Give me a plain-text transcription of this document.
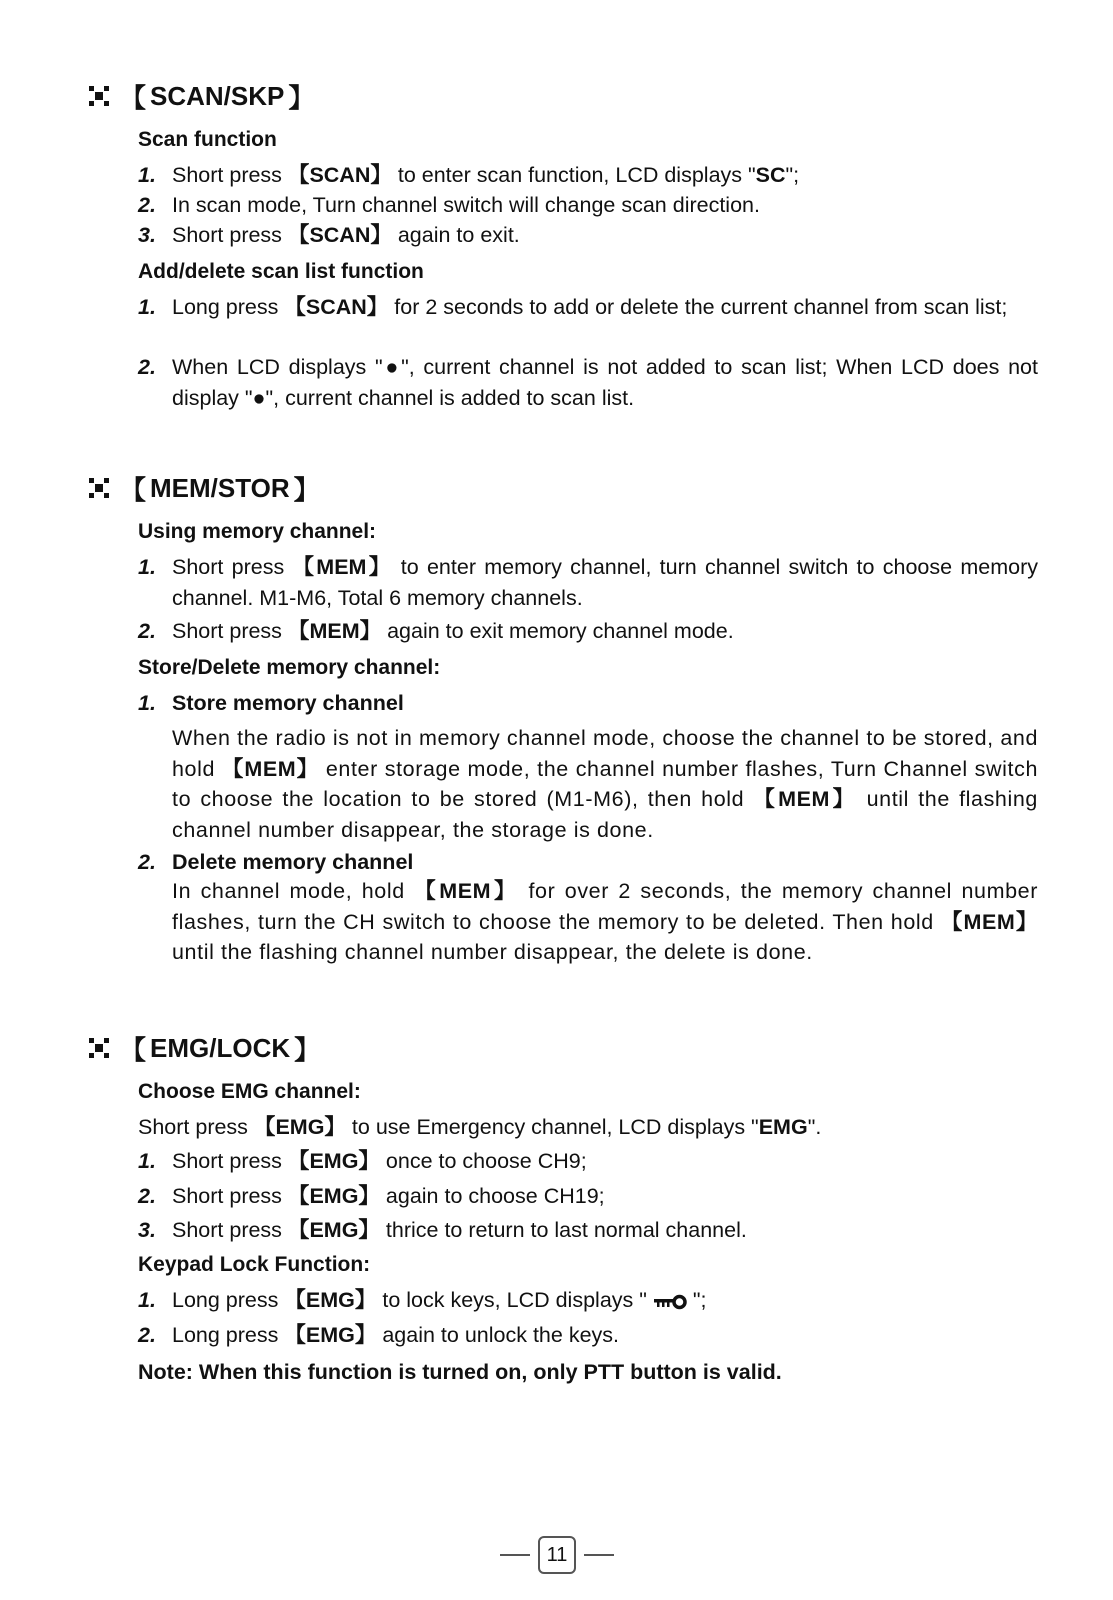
【 SCAN/SKP 】
Scan function
1. Short press 【SCAN】 to enter scan function, LCD displays "SC";
2. In scan mode, Turn channel switch will change scan direction.
3. Short press 【SCAN】 again to exit.
Add/delete scan list function
1. Long press 【SCAN】 for 2 seconds to add or delete the current channel from scan list;
2. When LCD displays "●", current channel is not added to scan list; When LCD does not display "●", current channel is added to scan list.
【 MEM/STOR 】
Using memory channel:
1. Short press 【MEM】 to enter memory channel, turn channel switch to choose memory channel. M1-M6, Total 6 memory channels.
2. Short press 【MEM】 again to exit memory channel mode.
Store/Delete memory channel:
1. Store memory channel
When the radio is not in memory channel mode, choose the channel to be stored, and hold 【MEM】 enter storage mode, the channel number flashes, Turn Channel switch to choose the location to be stored (M1-M6), then hold 【MEM】 until the flashing channel number disappear, the storage is done.
2. Delete memory channel
In channel mode, hold 【MEM】 for over 2 seconds, the memory channel number flashes, turn the CH switch to choose the memory to be deleted. Then hold 【MEM】 until the flashing channel number disappear, the delete is done.
【 EMG/LOCK 】
Choose EMG channel:
Short press 【EMG】 to use Emergency channel, LCD displays "EMG".
1. Short press 【EMG】 once to choose CH9;
2. Short press 【EMG】 again to choose CH19;
3. Short press 【EMG】 thrice to return to last normal channel.
Keypad Lock Function:
1. Long press 【EMG】 to lock keys, LCD displays "  ";
2. Long press 【EMG】 again to unlock the keys.
Note: When this function is turned on, only PTT button is valid.
11
